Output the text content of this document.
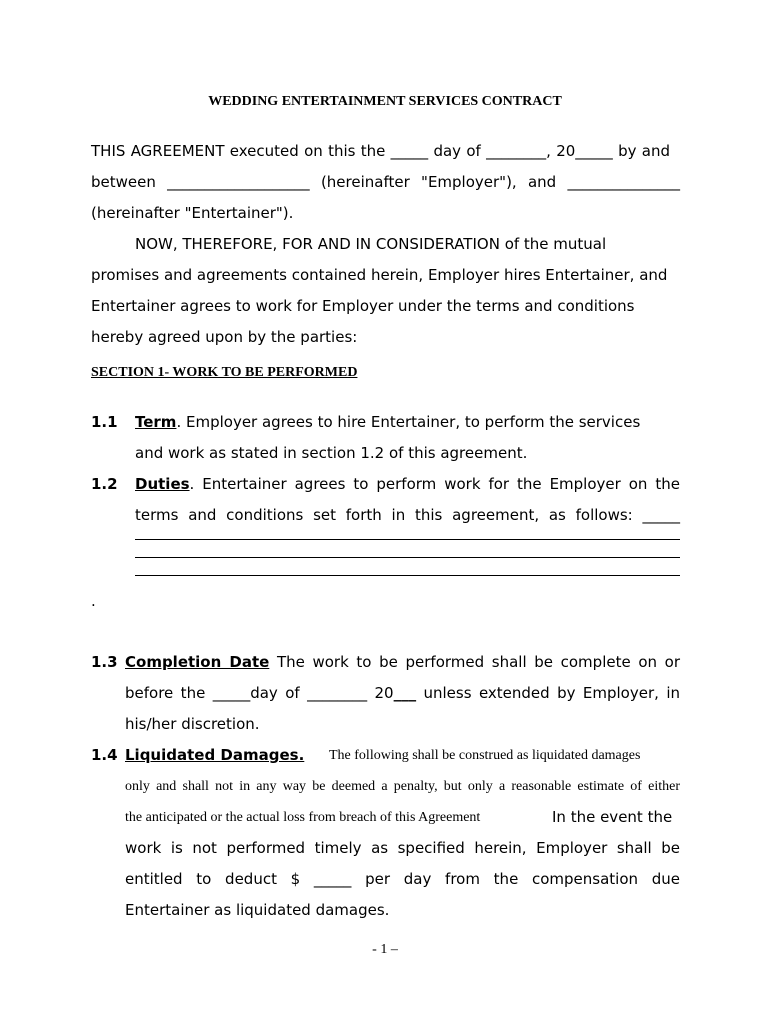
WEDDING ENTERTAINMENT SERVICES CONTRACT
THIS AGREEMENT executed on this the _____ day of ________, 20_____ by and
between ___________________ (hereinafter "Employer"), and _______________
(hereinafter "Entertainer").
NOW, THEREFORE, FOR AND IN CONSIDERATION of the mutual
promises and agreements contained herein, Employer hires Entertainer, and
Entertainer agrees to work for Employer under the terms and conditions
hereby agreed upon by the parties:
SECTION 1- WORK TO BE PERFORMED
1.1 Term. Employer agrees to hire Entertainer, to perform the services
and work as stated in section 1.2 of this agreement.
1.2 Duties. Entertainer agrees to perform work for the Employer on the
terms and conditions set forth in this agreement, as follows: _____
.
1.3 Completion Date The work to be performed shall be complete on or
before the _____day of ________ 20___ unless extended by Employer, in
his/her discretion.
1.4 Liquidated Damages. The following shall be construed as liquidated damages
only and shall not in any way be deemed a penalty, but only a reasonable estimate of either
the anticipated or the actual loss from breach of this Agreement	In the event the
work is not performed timely as specified herein, Employer shall be
entitled to deduct $ _____ per day from the compensation due
Entertainer as liquidated damages.
- 1 –
